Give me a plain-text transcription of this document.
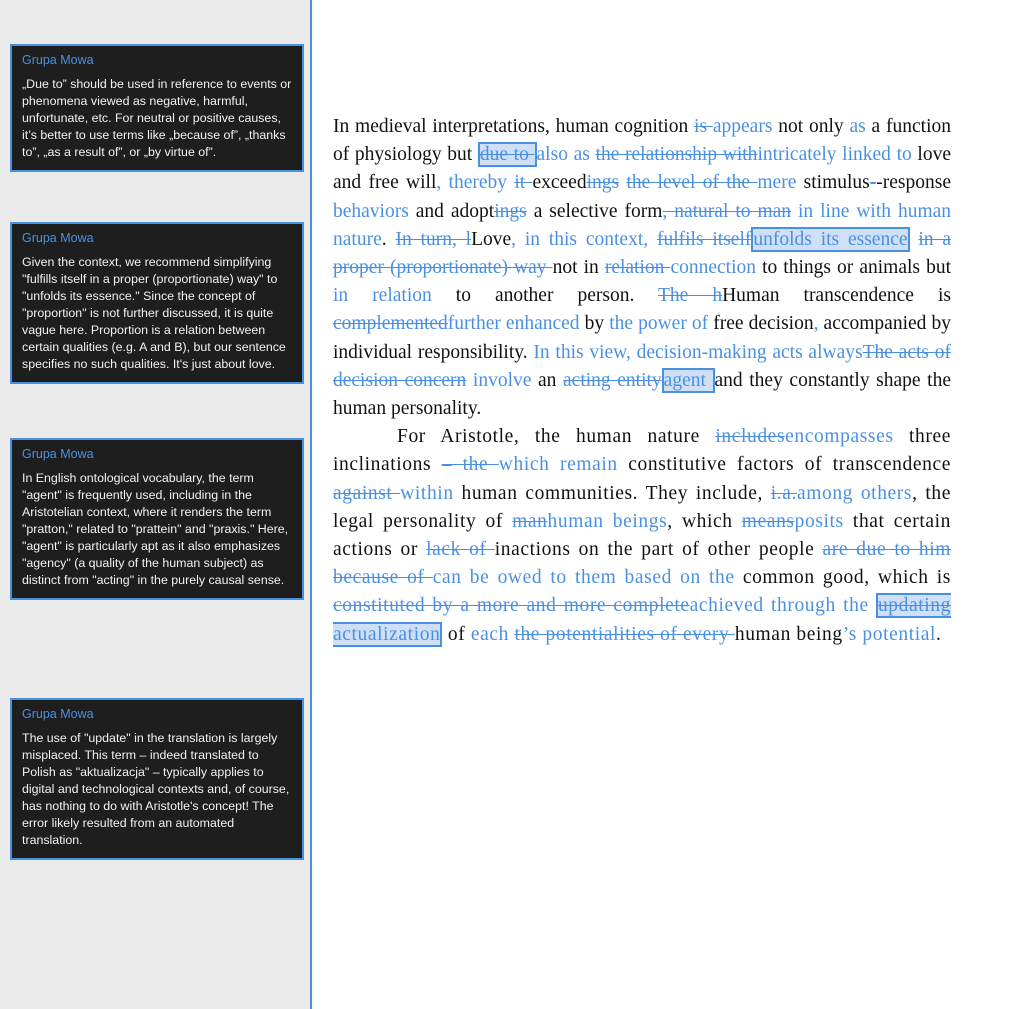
Grupa Mowa
„Due to” should be used in reference to events or phenomena viewed as negative, harmful, unfortunate, etc. For neutral or positive causes, it’s better to use terms like „because of”, „thanks to”, „as a result of”, or „by virtue of”.
Grupa Mowa
Given the context, we recommend simplifying "fulfills itself in a proper (proportionate) way" to "unfolds its essence." Since the concept of "proportion" is not further discussed, it is quite vague here. Proportion is a relation between certain qualities (e.g. A and B), but our sentence specifies no such qualities. It's just about love.
Grupa Mowa
In English ontological vocabulary, the term "agent" is frequently used, including in the Aristotelian context, where it renders the term "pratton," related to "prattein" and "praxis." Here, "agent" is particularly apt as it also emphasizes "agency" (a quality of the human subject) as distinct from "acting" in the purely causal sense.
Grupa Mowa
The use of "update" in the translation is largely misplaced. This term – indeed translated to Polish as "aktualizacja" – typically applies to digital and technological contexts and, of course, has nothing to do with Aristotle's concept! The error likely resulted from an automated translation.

In medieval interpretations, human cognition is appears not only as a function of physiology but due to also as the relationship withintricately linked to love and free will, thereby it exceedings the level of the mere stimulus--response behaviors and adoptings a selective form, natural to man in line with human nature. In turn, lLove, in this context, fulfils itself unfolds its essence in a proper (proportionate) way not in relation connection to things or animals but in relation to another person. The hHuman transcendence is complementedfurther enhanced by the power of free decision, accompanied by individual responsibility. In this view, decision-making acts alwaysThe acts of decision concern involve an acting entity agent and they constantly shape the human personality.

For Aristotle, the human nature includesencompasses three inclinations – the which remain constitutive factors of transcendence against within human communities. They include, i.a.among others, the legal personality of manhuman beings, which meansposits that certain actions or lack of inactions on the part of other people are due to him because of can be owed to them based on the common good, which is constituted by a more and more completeachieved through the updating actualization of each the potentialities of every human being’s potential.
